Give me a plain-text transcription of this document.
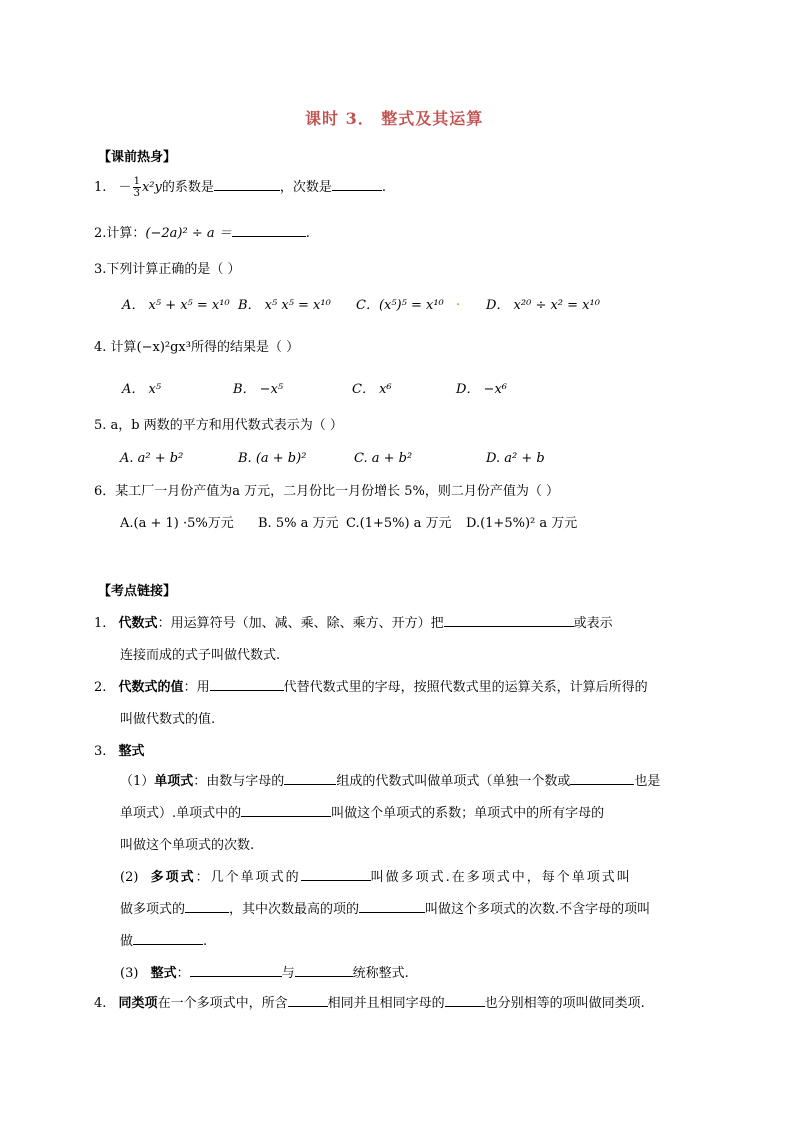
课时 3． 整式及其运算
【课前热身】
1. － $\frac{1}{3} x^2y$的系数是	，次数是	.
2.计算：(−2a)² ÷ a ＝	.
3.下列计算正确的是（ ）
A． x⁵ + x⁵ = x¹⁰ B． x⁵ x⁵ = x¹⁰ C．(x⁵)⁵ = x¹⁰ . D． x²⁰ ÷ x² = x¹⁰
4. 计算(−x)²gx³所得的结果是（ ）
A． x⁵	B． −x⁵	C． x⁶	D． −x⁶
5. a，b 两数的平方和用代数式表示为（ ）
A. a² + b²	B. (a + b)²	C. a + b²	D. a² + b
6．某工厂一月份产值为a 万元，二月份比一月份增长 5%，则二月份产值为（ ）
A.(a + 1) ·5%万元 B. 5% a 万元 C.(1+5%) a 万元 D.(1+5%)² a 万元
【考点链接】
1. 代数式：用运算符号（加、减、乘、除、乘方、开方）把	或表示
连接而成的式子叫做代数式.
2. 代数式的值：用	代替代数式里的字母，按照代数式里的运算关系，计算后所得的
叫做代数式的值.
3. 整式
（1）单项式：由数与字母的	组成的代数式叫做单项式（单独一个数或	也是
单项式）.单项式中的	叫做这个单项式的系数；单项式中的所有字母的
叫做这个单项式的次数.
(2) 多项式：几个单项式的	叫做多项式.在多项式中，每个单项式叫
做多项式的	，其中次数最高的项的	叫做这个多项式的次数.不含字母的项叫
做	.
(3) 整式：	与	统称整式.
4. 同类项在一个多项式中，所含	相同并且相同字母的	也分别相等的项叫做同类项.
